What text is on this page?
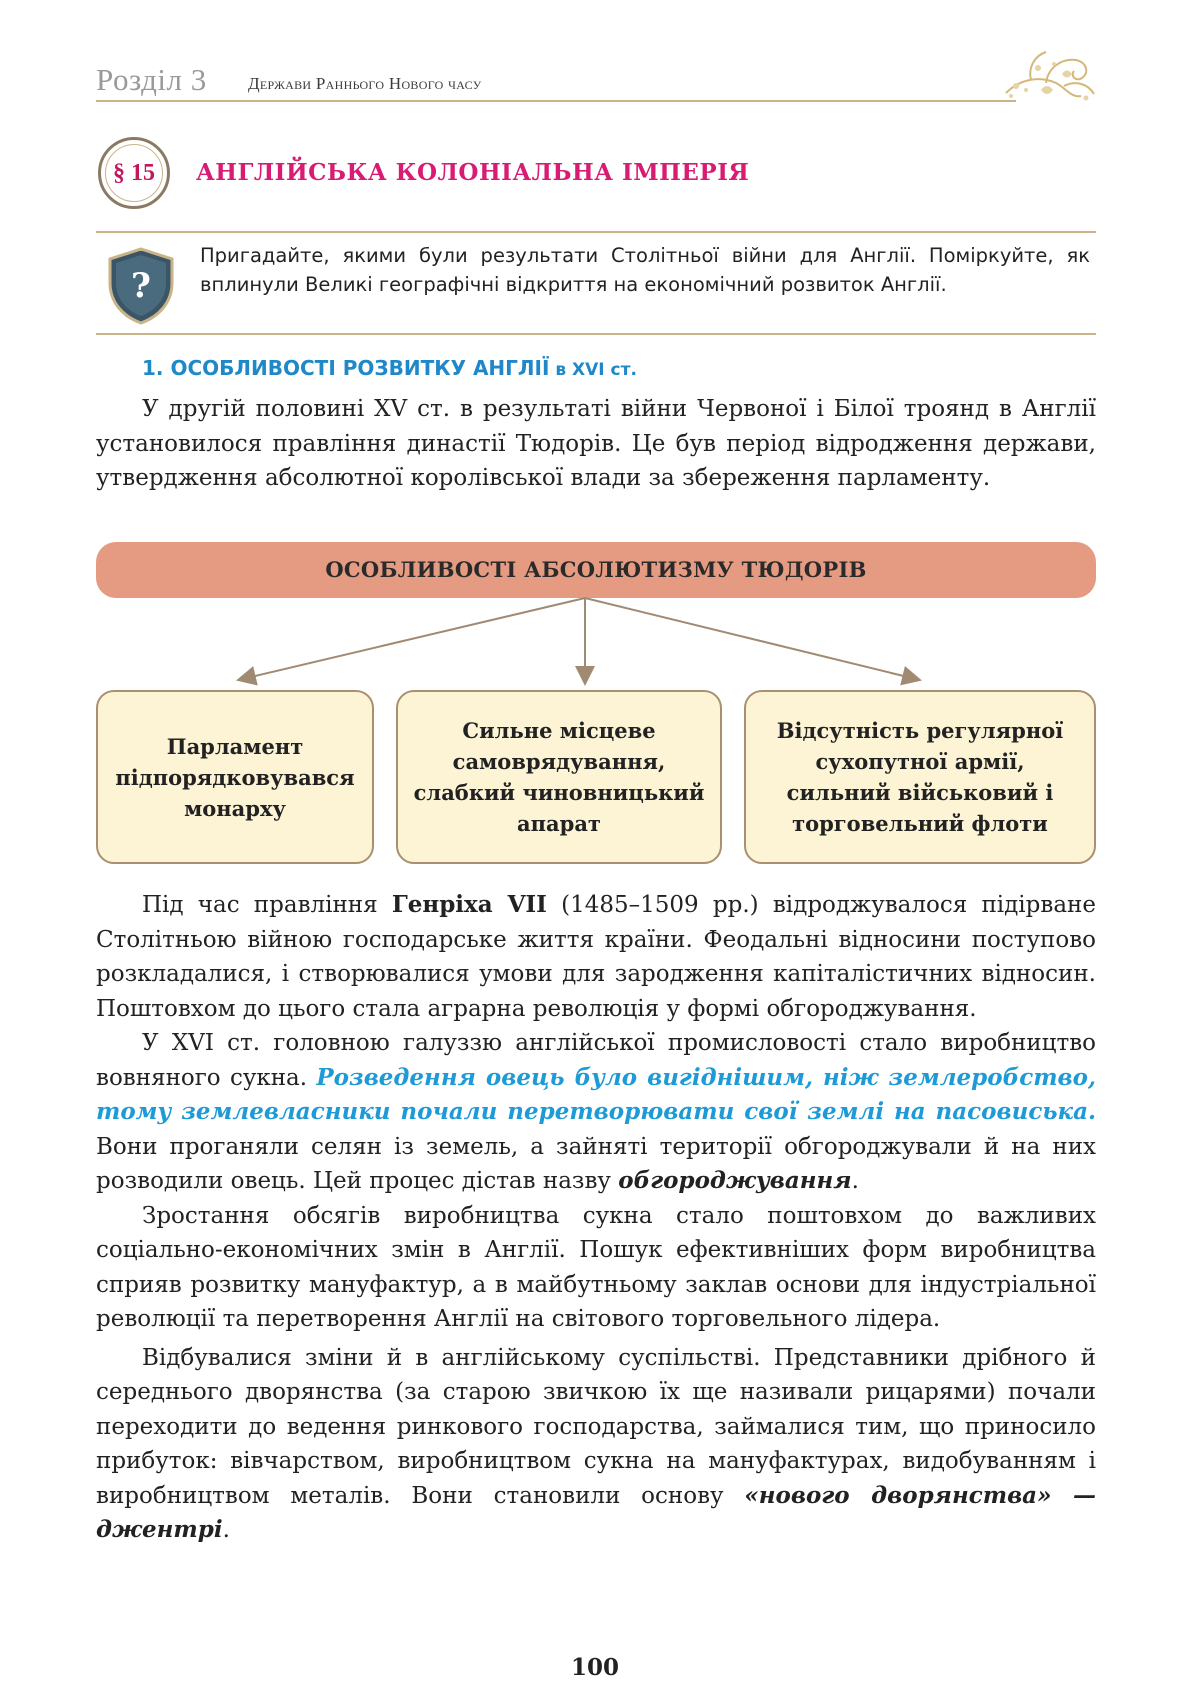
Розділ 3 Держави Раннього Нового часу
§ 15	АНГЛІЙСЬКА КОЛОНІАЛЬНА ІМПЕРІЯ
?
Пригадайте, якими були результати Столітньої війни для Англії. Поміркуйте, як вплинули Великі географічні відкриття на економічний розвиток Англії.
1. ОСОБЛИВОСТІ РОЗВИТКУ АНГЛІЇ в XVI ст.

У другій половині XV ст. в результаті війни Червоної і Білої троянд в Англії установилося правління династії Тюдорів. Це був період відродження держави, утвердження абсолютної королівської влади за збереження парламенту.

ОСОБЛИВОСТІ АБСОЛЮТИЗМУ ТЮДОРІВ
Парламент підпорядковувався монарху
Сильне місцеве самоврядування, слабкий чиновницький апарат
Відсутність регулярної сухопутної армії, сильний військовий і торговельний флоти

Під час правління Генріха VII (1485–1509 рр.) відроджувалося підірване Столітньою війною господарське життя країни. Феодальні відносини поступово розкладалися, і створювалися умови для зародження капіталістичних відносин. Поштовхом до цього стала аграрна революція у формі обгороджування.

У XVI ст. головною галуззю англійської промисловості стало виробництво вовняного сукна. Розведення овець було вигіднішим, ніж землеробство, тому землевласники почали перетворювати свої землі на пасовиська. Вони проганяли селян із земель, а зайняті території обгороджували й на них розводили овець. Цей процес дістав назву обгороджування.

Зростання обсягів виробництва сукна стало поштовхом до важливих соціально-економічних змін в Англії. Пошук ефективніших форм виробництва сприяв розвитку мануфактур, а в майбутньому заклав основи для індустріальної революції та перетворення Англії на світового торговельного лідера.

Відбувалися зміни й в англійському суспільстві. Представники дрібного й середнього дворянства (за старою звичкою їх ще називали рицарями) почали переходити до ведення ринкового господарства, займалися тим, що приносило прибуток: вівчарством, виробництвом сукна на мануфактурах, видобуванням і виробництвом металів. Вони становили основу «нового дворянства» — джентрі.

100
